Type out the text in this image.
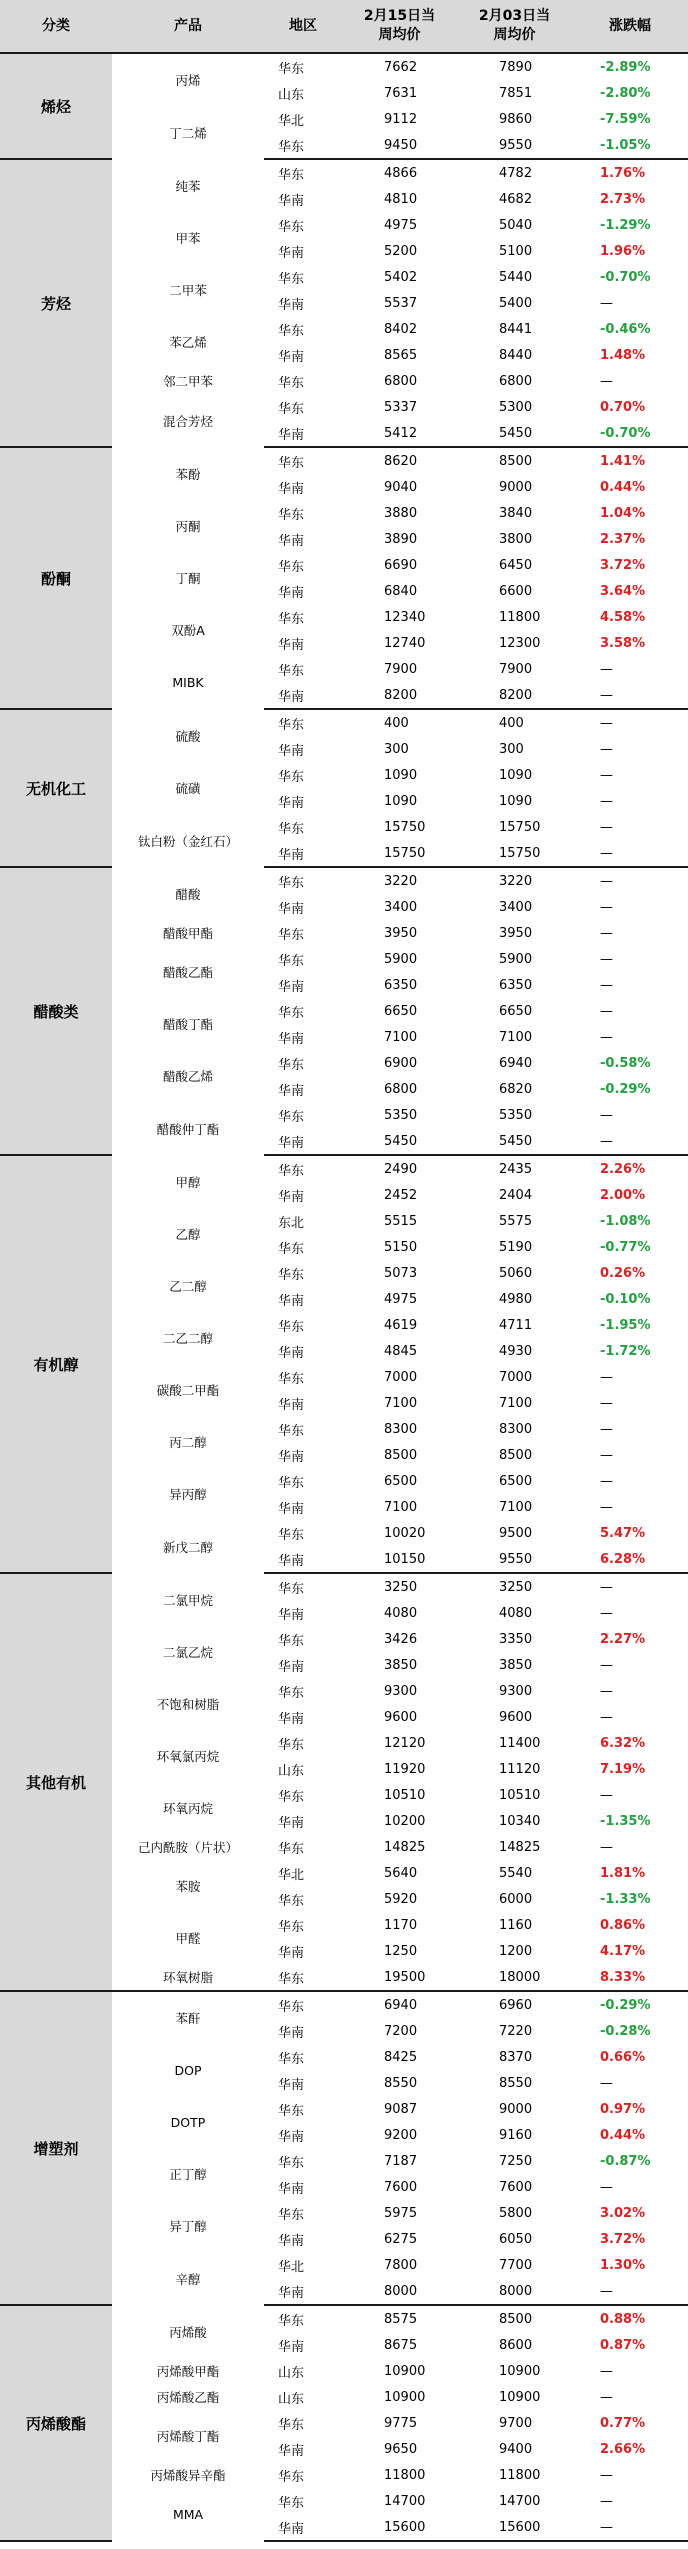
分类	产品	地区	2月15日当周均价	2月03日当周均价	涨跌幅
烯烃	丙烯	华东	7662	7890	-2.89%
		山东	7631	7851	-2.80%
	丁二烯	华北	9112	9860	-7.59%
		华东	9450	9550	-1.05%
芳烃	纯苯	华东	4866	4782	1.76%
		华南	4810	4682	2.73%
	甲苯	华东	4975	5040	-1.29%
		华南	5200	5100	1.96%
	二甲苯	华东	5402	5440	-0.70%
		华南	5537	5400	—
	苯乙烯	华东	8402	8441	-0.46%
		华南	8565	8440	1.48%
	邻二甲苯	华东	6800	6800	—
	混合芳烃	华东	5337	5300	0.70%
		华南	5412	5450	-0.70%
酚酮	苯酚	华东	8620	8500	1.41%
		华南	9040	9000	0.44%
	丙酮	华东	3880	3840	1.04%
		华南	3890	3800	2.37%
	丁酮	华东	6690	6450	3.72%
		华南	6840	6600	3.64%
	双酚A	华东	12340	11800	4.58%
		华南	12740	12300	3.58%
	MIBK	华东	7900	7900	—
		华南	8200	8200	—
无机化工	硫酸	华东	400	400	—
		华南	300	300	—
	硫磺	华东	1090	1090	—
		华南	1090	1090	—
	钛白粉（金红石）	华东	15750	15750	—
		华南	15750	15750	—
醋酸类	醋酸	华东	3220	3220	—
		华南	3400	3400	—
	醋酸甲酯	华东	3950	3950	—
	醋酸乙酯	华东	5900	5900	—
		华南	6350	6350	—
	醋酸丁酯	华东	6650	6650	—
		华南	7100	7100	—
	醋酸乙烯	华东	6900	6940	-0.58%
		华南	6800	6820	-0.29%
	醋酸仲丁酯	华东	5350	5350	—
		华南	5450	5450	—
有机醇	甲醇	华东	2490	2435	2.26%
		华南	2452	2404	2.00%
	乙醇	东北	5515	5575	-1.08%
		华东	5150	5190	-0.77%
	乙二醇	华东	5073	5060	0.26%
		华南	4975	4980	-0.10%
	二乙二醇	华东	4619	4711	-1.95%
		华南	4845	4930	-1.72%
	碳酸二甲酯	华东	7000	7000	—
		华南	7100	7100	—
	丙二醇	华东	8300	8300	—
		华南	8500	8500	—
	异丙醇	华东	6500	6500	—
		华南	7100	7100	—
	新戊二醇	华东	10020	9500	5.47%
		华南	10150	9550	6.28%
其他有机	二氯甲烷	华东	3250	3250	—
		华南	4080	4080	—
	二氯乙烷	华东	3426	3350	2.27%
		华南	3850	3850	—
	不饱和树脂	华东	9300	9300	—
		华南	9600	9600	—
	环氧氯丙烷	华东	12120	11400	6.32%
		山东	11920	11120	7.19%
	环氧丙烷	华东	10510	10510	—
		华南	10200	10340	-1.35%
	己内酰胺（片状）	华东	14825	14825	—
	苯胺	华北	5640	5540	1.81%
		华东	5920	6000	-1.33%
	甲醛	华东	1170	1160	0.86%
		华南	1250	1200	4.17%
	环氧树脂	华东	19500	18000	8.33%
增塑剂	苯酐	华东	6940	6960	-0.29%
		华南	7200	7220	-0.28%
	DOP	华东	8425	8370	0.66%
		华南	8550	8550	—
	DOTP	华东	9087	9000	0.97%
		华南	9200	9160	0.44%
	正丁醇	华东	7187	7250	-0.87%
		华南	7600	7600	—
	异丁醇	华东	5975	5800	3.02%
		华南	6275	6050	3.72%
	辛醇	华北	7800	7700	1.30%
		华南	8000	8000	—
丙烯酸酯	丙烯酸	华东	8575	8500	0.88%
		华南	8675	8600	0.87%
	丙烯酸甲酯	山东	10900	10900	—
	丙烯酸乙酯	山东	10900	10900	—
	丙烯酸丁酯	华东	9775	9700	0.77%
		华南	9650	9400	2.66%
	丙烯酸异辛酯	华东	11800	11800	—
	MMA	华东	14700	14700	—
		华南	15600	15600	—
